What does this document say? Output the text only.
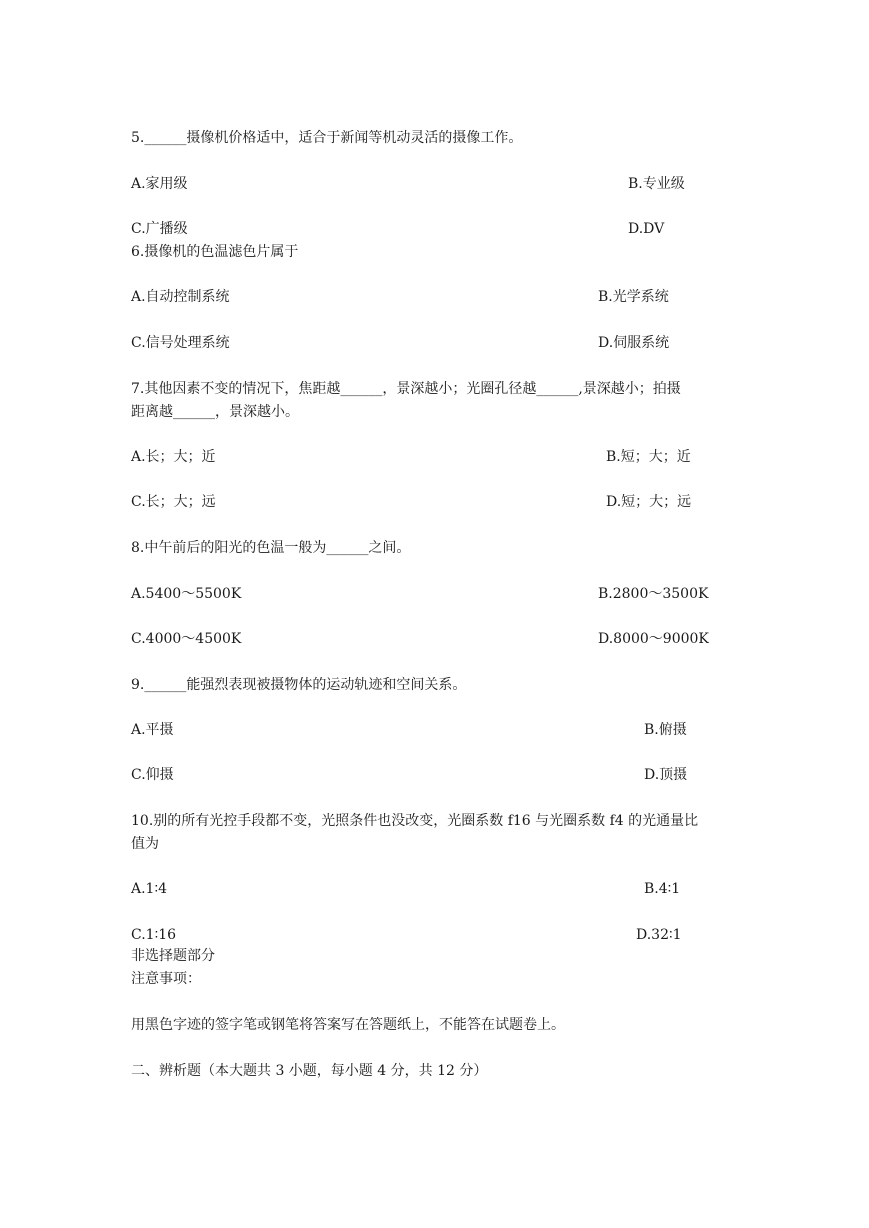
5.______摄像机价格适中，适合于新闻等机动灵活的摄像工作。
A.家用级	B.专业级
C.广播级	D.DV
6.摄像机的色温滤色片属于
A.自动控制系统	B.光学系统
C.信号处理系统	D.伺服系统
7.其他因素不变的情况下，焦距越______，景深越小；光圈孔径越______,景深越小；拍摄
距离越______，景深越小。
A.长；大；近	B.短；大；近
C.长；大；远	D.短；大；远
8.中午前后的阳光的色温一般为______之间。
A.5400～5500K	B.2800～3500K
C.4000～4500K	D.8000～9000K
9.______能强烈表现被摄物体的运动轨迹和空间关系。
A.平摄	B.俯摄
C.仰摄	D.顶摄
10.别的所有光控手段都不变，光照条件也没改变，光圈系数 f16 与光圈系数 f4 的光通量比
值为
A.1∶4	B.4∶1
C.1∶16	D.32∶1
非选择题部分
注意事项：
用黑色字迹的签字笔或钢笔将答案写在答题纸上，不能答在试题卷上。
二、辨析题（本大题共 3 小题，每小题 4 分，共 12 分）
